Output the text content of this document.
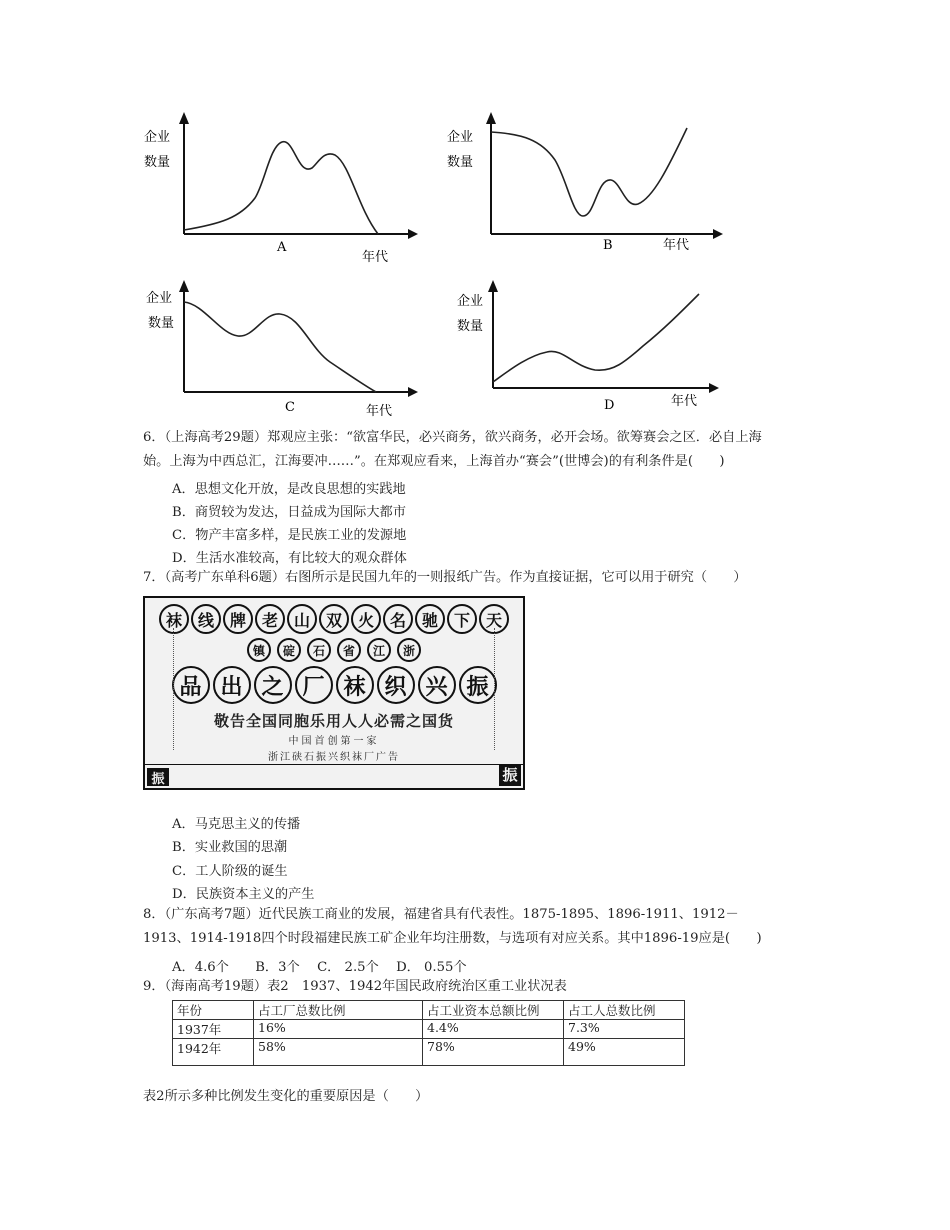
企业
数量
A
年代
企业
数量
B	年代
企业
数量
C	年代
企业
数量
D	年代
6．（上海高考29题）郑观应主张：“欲富华民，必兴商务，欲兴商务，必开会场。欲筹赛会之区．必自上海
始。上海为中西总汇，江海要冲……”。在郑观应看来，上海首办“赛会”(世博会)的有利条件是(　　)
A．思想文化开放，是改良思想的实践地
B．商贸较为发达，日益成为国际大都市
C．物产丰富多样，是民族工业的发源地
D．生活水准较高，有比较大的观众群体
7．（高考广东单科6题）右图所示是民国九年的一则报纸广告。作为直接证据，它可以用于研究（　　）
袜 线 牌 老 山 双 火 名 驰 下 天
镇	碇	石	省	江	浙
品 出 之 厂 袜 织 兴 振
敬告全国同胞乐用人人必需之国货
中国首创第一家
浙江硖石振兴织袜厂广告
振	振
A．马克思主义的传播
B．实业救国的思潮
C．工人阶级的诞生
D．民族资本主义的产生
8．（广东高考7题）近代民族工商业的发展，福建省具有代表性。1875-1895、1896-1911、1912－
1913、1914-1918四个时段福建民族工矿企业年均注册数，与选项有对应关系。其中1896-19应是(　　)
A．4.6个　　B．3个　 C． 2.5个　 D． 0.55个
9．（海南高考19题）表2　1937、1942年国民政府统治区重工业状况表
年份	占工厂总数比例	占工业资本总额比例	占工人总数比例
1937年	16%	4.4%	7.3%
1942年	58%	78%	49%
表2所示多种比例发生变化的重要原因是（　　）
